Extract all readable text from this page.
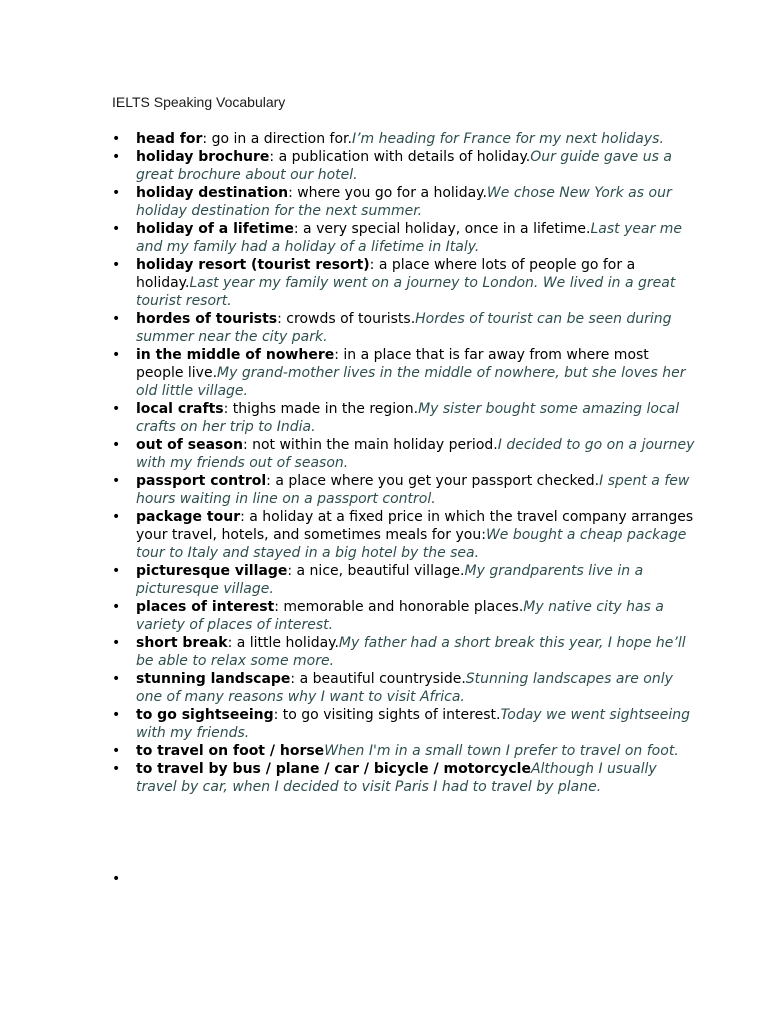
IELTS Speaking Vocabulary
• head for: go in a direction for.I’m heading for France for my next holidays.
• holiday brochure: a publication with details of holiday.Our guide gave us a great brochure about our hotel.
• holiday destination: where you go for a holiday.We chose New York as our holiday destination for the next summer.
• holiday of a lifetime: a very special holiday, once in a lifetime.Last year me and my family had a holiday of a lifetime in Italy.
• holiday resort (tourist resort): a place where lots of people go for a holiday.Last year my family went on a journey to London. We lived in a great tourist resort.
• hordes of tourists: crowds of tourists.Hordes of tourist can be seen during summer near the city park.
• in the middle of nowhere: in a place that is far away from where most people live.My grand-mother lives in the middle of nowhere, but she loves her old little village.
• local crafts: thighs made in the region.My sister bought some amazing local crafts on her trip to India.
• out of season: not within the main holiday period.I decided to go on a journey with my friends out of season.
• passport control: a place where you get your passport checked.I spent a few hours waiting in line on a passport control.
• package tour: a holiday at a fixed price in which the travel company arranges your travel, hotels, and sometimes meals for you:We bought a cheap package tour to Italy and stayed in a big hotel by the sea.
• picturesque village: a nice, beautiful village.My grandparents live in a picturesque village.
• places of interest: memorable and honorable places.My native city has a variety of places of interest.
• short break: a little holiday.My father had a short break this year, I hope he’ll be able to relax some more.
• stunning landscape: a beautiful countryside.Stunning landscapes are only one of many reasons why I want to visit Africa.
• to go sightseeing: to go visiting sights of interest.Today we went sightseeing with my friends.
• to travel on foot / horseWhen I'm in a small town I prefer to travel on foot.
• to travel by bus / plane / car / bicycle / motorcycleAlthough I usually travel by car, when I decided to visit Paris I had to travel by plane.
•
